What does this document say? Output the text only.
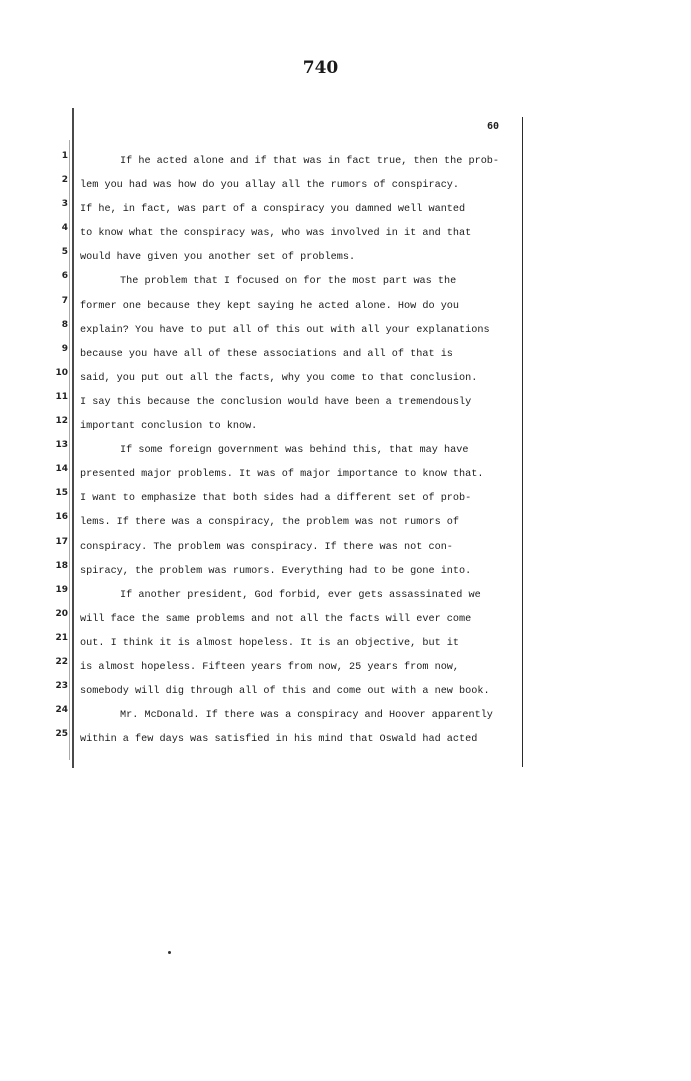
740
60
1
2
3
4
5
6
7
8
9
10
11
12
13
14
15
16
17
18
19
20
21
22
23
24
25
If he acted alone and if that was in fact true, then the prob-
lem you had was how do you allay all the rumors of conspiracy.
If he, in fact, was part of a conspiracy you damned well wanted
to know what the conspiracy was, who was involved in it and that
would have given you another set of problems.
The problem that I focused on for the most part was the
former one because they kept saying he acted alone. How do you
explain? You have to put all of this out with all your explanations
because you have all of these associations and all of that is
said, you put out all the facts, why you come to that conclusion.
I say this because the conclusion would have been a tremendously
important conclusion to know.
If some foreign government was behind this, that may have
presented major problems. It was of major importance to know that.
I want to emphasize that both sides had a different set of prob-
lems. If there was a conspiracy, the problem was not rumors of
conspiracy. The problem was conspiracy. If there was not con-
spiracy, the problem was rumors. Everything had to be gone into.
If another president, God forbid, ever gets assassinated we
will face the same problems and not all the facts will ever come
out. I think it is almost hopeless. It is an objective, but it
is almost hopeless. Fifteen years from now, 25 years from now,
somebody will dig through all of this and come out with a new book.
Mr. McDonald. If there was a conspiracy and Hoover apparently
within a few days was satisfied in his mind that Oswald had acted
